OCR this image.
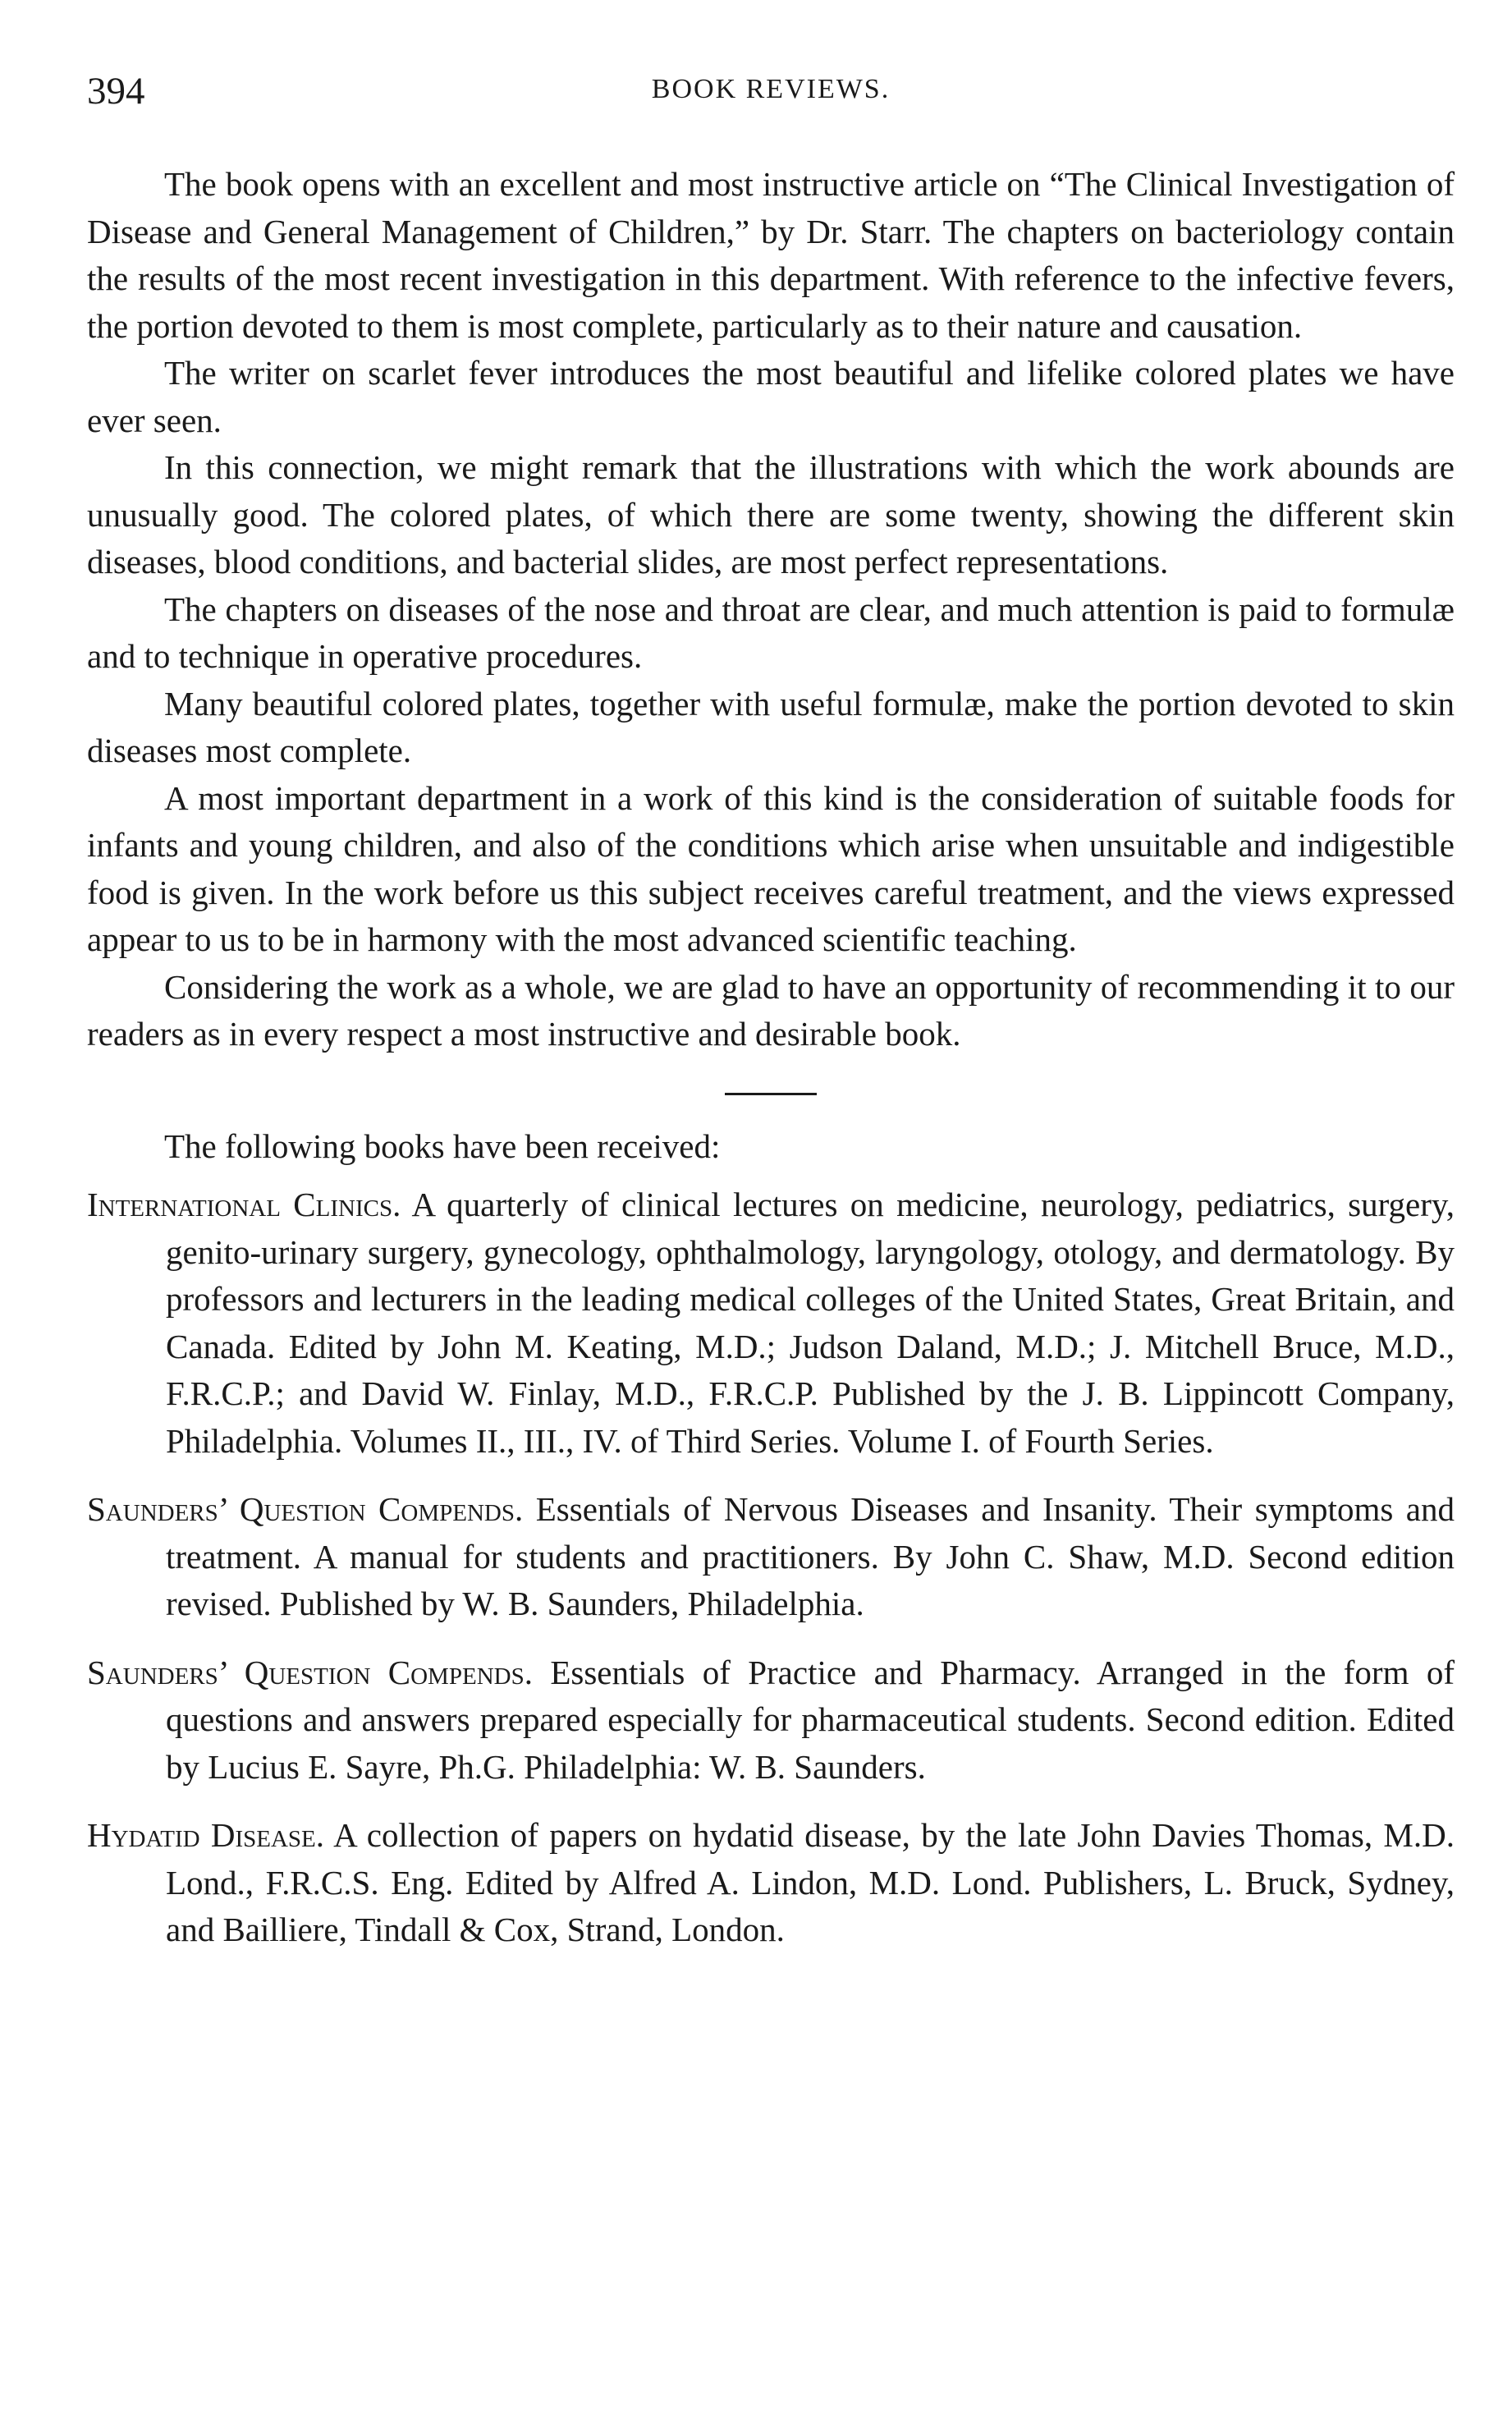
394	BOOK REVIEWS.

The book opens with an excellent and most instructive article on “The Clinical Investigation of Disease and General Management of Children,” by Dr. Starr. The chapters on bacteriology contain the results of the most recent investigation in this department. With reference to the infective fevers, the portion devoted to them is most complete, particularly as to their nature and causation.

The writer on scarlet fever introduces the most beautiful and lifelike colored plates we have ever seen.

In this connection, we might remark that the illustrations with which the work abounds are unusually good. The colored plates, of which there are some twenty, showing the different skin diseases, blood conditions, and bacterial slides, are most perfect representations.

The chapters on diseases of the nose and throat are clear, and much attention is paid to formulæ and to technique in operative procedures.

Many beautiful colored plates, together with useful formulæ, make the portion devoted to skin diseases most complete.

A most important department in a work of this kind is the consideration of suitable foods for infants and young children, and also of the conditions which arise when unsuitable and indigestible food is given. In the work before us this subject receives careful treatment, and the views expressed appear to us to be in harmony with the most advanced scientific teaching.

Considering the work as a whole, we are glad to have an opportunity of recommending it to our readers as in every respect a most instructive and desirable book.

The following books have been received:

International Clinics. A quarterly of clinical lectures on medicine, neurology, pediatrics, surgery, genito-urinary surgery, gynecology, ophthalmology, laryngology, otology, and dermatology. By professors and lecturers in the leading medical colleges of the United States, Great Britain, and Canada. Edited by John M. Keating, M.D.; Judson Daland, M.D.; J. Mitchell Bruce, M.D., F.R.C.P.; and David W. Finlay, M.D., F.R.C.P. Published by the J. B. Lippincott Company, Philadelphia. Volumes II., III., IV. of Third Series. Volume I. of Fourth Series.

Saunders’ Question Compends. Essentials of Nervous Diseases and Insanity. Their symptoms and treatment. A manual for students and practitioners. By John C. Shaw, M.D. Second edition revised. Published by W. B. Saunders, Philadelphia.

Saunders’ Question Compends. Essentials of Practice and Pharmacy. Arranged in the form of questions and answers prepared especially for pharmaceutical students. Second edition. Edited by Lucius E. Sayre, Ph.G. Philadelphia: W. B. Saunders.

Hydatid Disease. A collection of papers on hydatid disease, by the late John Davies Thomas, M.D. Lond., F.R.C.S. Eng. Edited by Alfred A. Lindon, M.D. Lond. Publishers, L. Bruck, Sydney, and Bailliere, Tindall & Cox, Strand, London.
